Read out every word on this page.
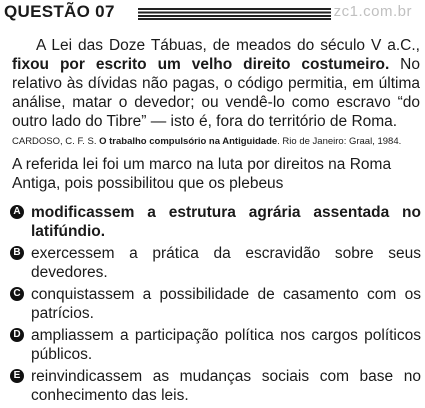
QUESTÃO 07	zc1.com.br

A Lei das Doze Tábuas, de meados do século V a.C., fixou por escrito um velho direito costumeiro. No relativo às dívidas não pagas, o código permitia, em última análise, matar o devedor; ou vendê-lo como escravo “do outro lado do Tibre” — isto é, fora do território de Roma.

CARDOSO, C. F. S. O trabalho compulsório na Antiguidade. Rio de Janeiro: Graal, 1984.
A referida lei foi um marco na luta por direitos na Roma Antiga, pois possibilitou que os plebeus
A modificassem a estrutura agrária assentada no latifúndio.
B exercessem a prática da escravidão sobre seus devedores.
C conquistassem a possibilidade de casamento com os patrícios.
D ampliassem a participação política nos cargos políticos públicos.
E reinvindicassem as mudanças sociais com base no conhecimento das leis.
